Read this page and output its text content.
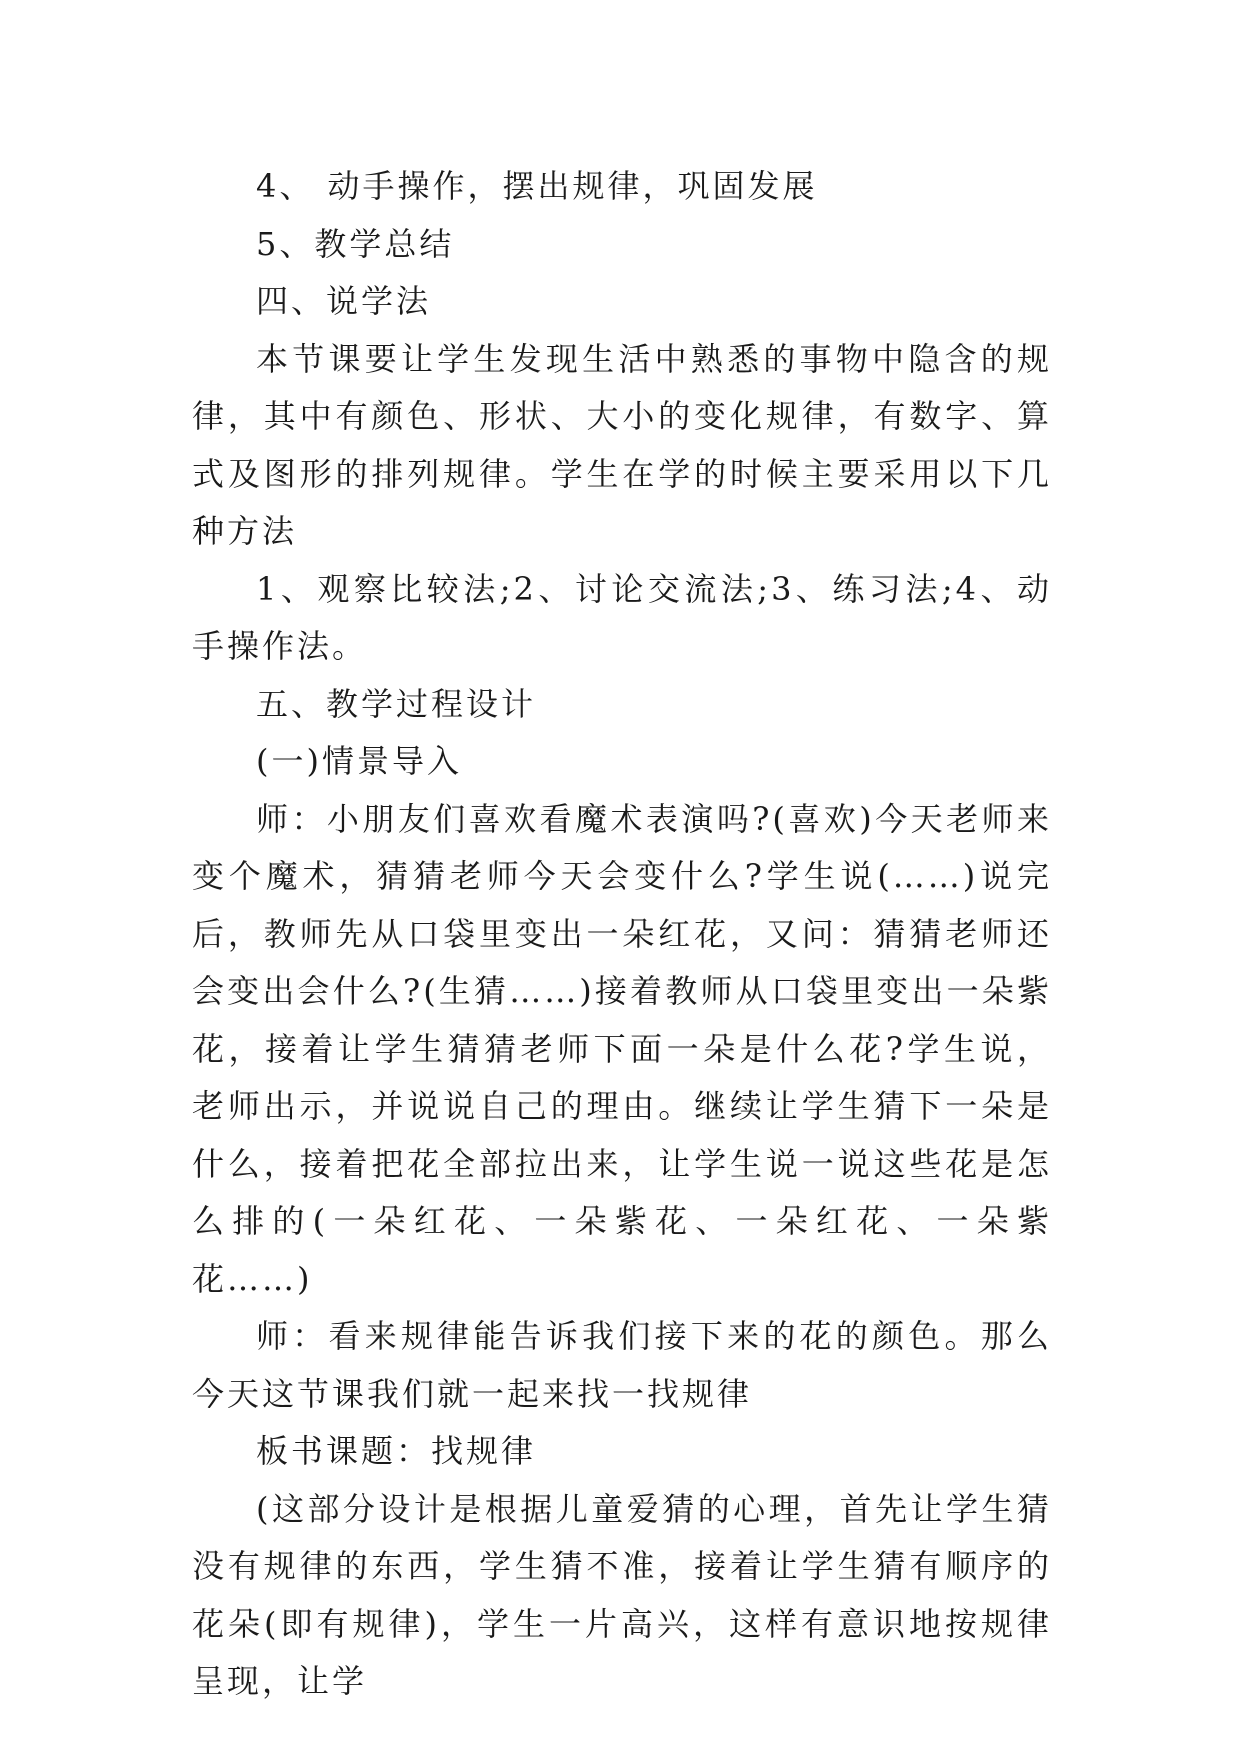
4、 动手操作，摆出规律，巩固发展

5、教学总结

四、说学法

本节课要让学生发现生活中熟悉的事物中隐含的规律，其中有颜色、形状、大小的变化规律，有数字、算式及图形的排列规律。学生在学的时候主要采用以下几种方法

1、观察比较法;2、讨论交流法;3、练习法;4、动手操作法。

五、教学过程设计

(一)情景导入

师：小朋友们喜欢看魔术表演吗?(喜欢)今天老师来变个魔术，猜猜老师今天会变什么?学生说(……)说完后，教师先从口袋里变出一朵红花，又问：猜猜老师还会变出会什么?(生猜……)接着教师从口袋里变出一朵紫花，接着让学生猜猜老师下面一朵是什么花?学生说，老师出示，并说说自己的理由。继续让学生猜下一朵是什么，接着把花全部拉出来，让学生说一说这些花是怎么排的(一朵红花、一朵紫花、一朵红花、一朵紫花……)

师：看来规律能告诉我们接下来的花的颜色。那么今天这节课我们就一起来找一找规律

板书课题：找规律

(这部分设计是根据儿童爱猜的心理，首先让学生猜没有规律的东西，学生猜不准，接着让学生猜有顺序的花朵(即有规律)，学生一片高兴，这样有意识地按规律呈现，让学
